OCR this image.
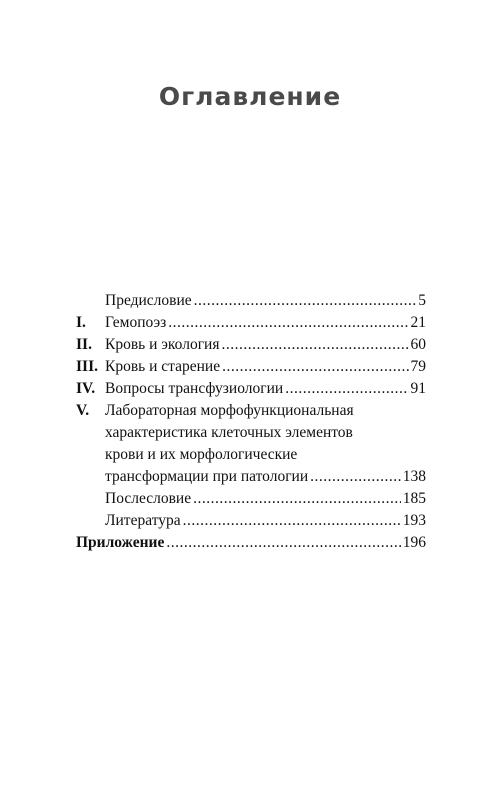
Оглавление
Предисловие .....	5
I.	Гемопоэз .....	21
II. Кровь и экология .....	60
III. Кровь и старение .....	79
IV. Вопросы трансфузиологии .....	91
V.	Лабораторная морфофункциональная
характеристика клеточных элементов
крови и их морфологические
трансформации при патологии .....	138
Послесловие .....	185
Литература .....	193
Приложение .....	196
